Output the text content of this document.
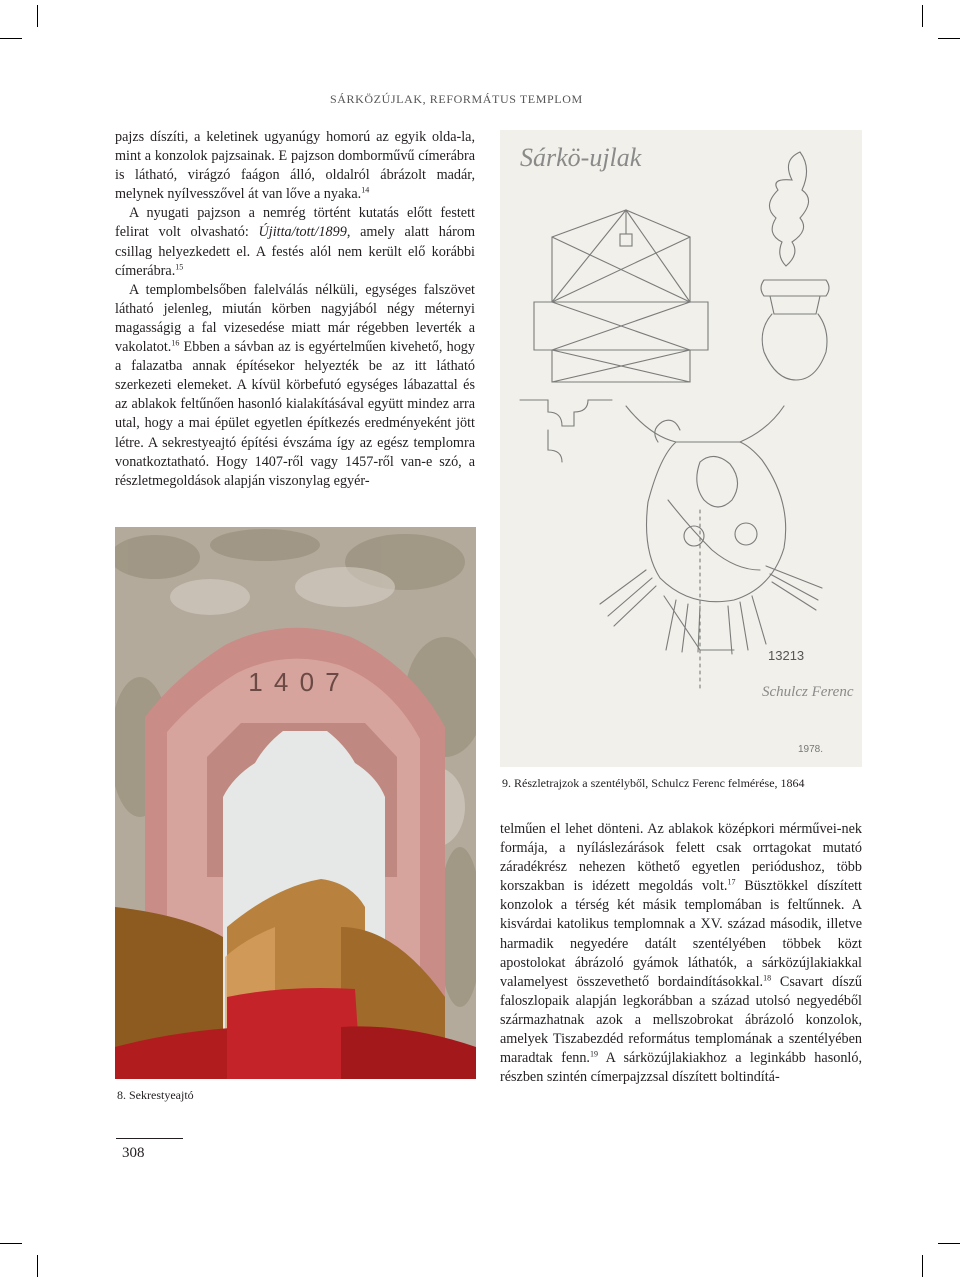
SÁRKÖZÚJLAK, REFORMÁTUS TEMPLOM

pajzs díszíti, a keletinek ugyanúgy homorú az egyik olda-la, mint a konzolok pajzsainak. E pajzson domborművű címerábra is látható, virágzó faágon álló, oldalról ábrázolt madár, melynek nyílvesszővel át van lőve a nyaka.$^{14}$

A nyugati pajzson a nemrég történt kutatás előtt festett felirat volt olvasható: Újitta/tott/1899, amely alatt három csillag helyezkedett el. A festés alól nem került elő korábbi címerábra.$^{15}$

A templombelsőben falelválás nélküli, egységes falszövet látható jelenleg, miután körben nagyjából négy méternyi magasságig a fal vizesedése miatt már régebben leverték a vakolatot.$^{16}$ Ebben a sávban az is egyértelműen kivehető, hogy a falazatba annak építésekor helyezték be az itt látható szerkezeti elemeket. A kívül körbefutó egységes lábazattal és az ablakok feltűnően hasonló kialakításával együtt mindez arra utal, hogy a mai épület egyetlen építkezés eredményeként jött létre. A sekrestyeajtó építési évszáma így az egész templomra vonatkoztatható. Hogy 1407-ről vagy 1457-ről van-e szó, a részletmegoldások alapján viszonylag egyér-

Sárkö-ujlak
13213
Schulcz Ferenc
1978.
9. Részletrajzok a szentélyből, Schulcz Ferenc felmérése, 1864
1 4 0 7
8. Sekrestyeajtó

telműen el lehet dönteni. Az ablakok középkori mérművei-nek formája, a nyíláslezárások felett csak orrtagokat mutató záradékrész nehezen köthető egyetlen periódushoz, több korszakban is idézett megoldás volt.$^{17}$ Büsztökkel díszített konzolok a térség két másik templomában is feltűnnek. A kisvárdai katolikus templomnak a XV. század második, illetve harmadik negyedére datált szentélyében többek közt apostolokat ábrázoló gyámok láthatók, a sárközújlakiakkal valamelyest összevethető bordaindításokkal.$^{18}$ Csavart díszű faloszlopaik alapján legkorábban a század utolsó negyedéből származhatnak azok a mellszobrokat ábrázoló konzolok, amelyek Tiszabezdéd református templomának a szentélyében maradtak fenn.$^{19}$ A sárközújlakiakhoz a leginkább hasonló, részben szintén címerpajzzsal díszített boltindítá-

308
